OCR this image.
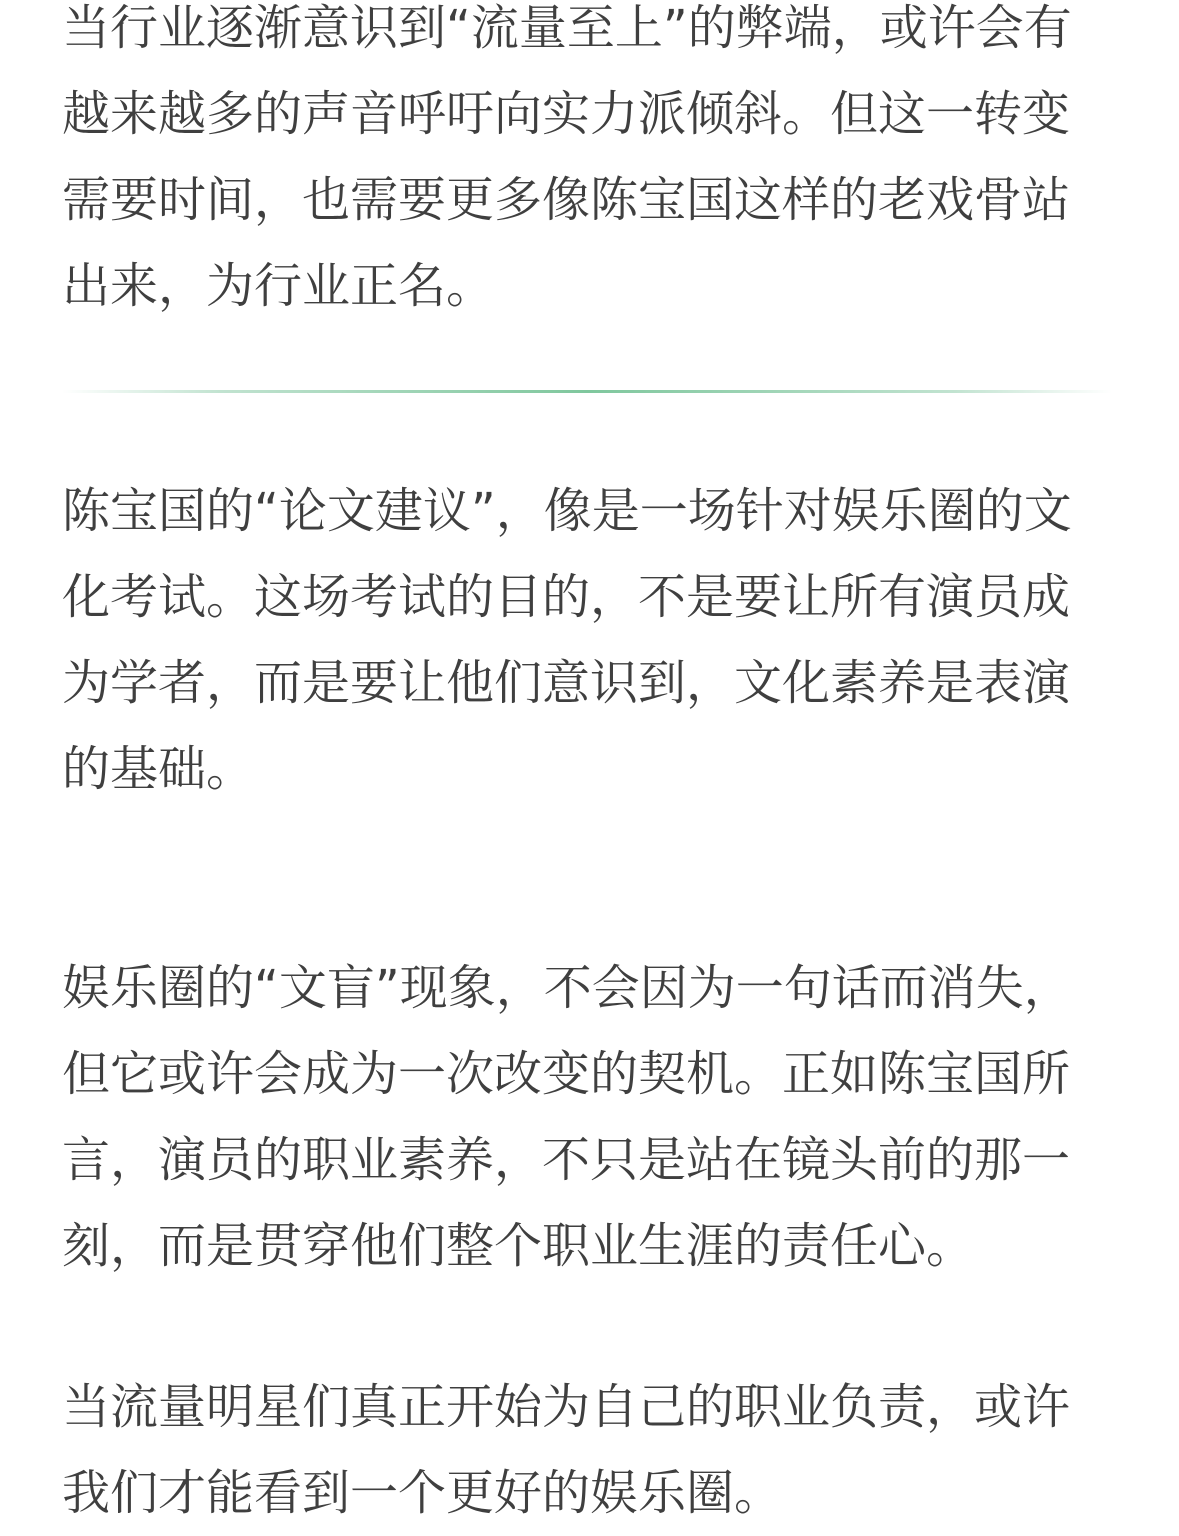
当行业逐渐意识到“流量至上”的弊端，或许会有越来越多的声音呼吁向实力派倾斜。但这一转变需要时间，也需要更多像陈宝国这样的老戏骨站出来，为行业正名。

陈宝国的“论文建议”，像是一场针对娱乐圈的文化考试。这场考试的目的，不是要让所有演员成为学者，而是要让他们意识到，文化素养是表演的基础。

娱乐圈的“文盲”现象，不会因为一句话而消失，但它或许会成为一次改变的契机。正如陈宝国所言，演员的职业素养，不只是站在镜头前的那一刻，而是贯穿他们整个职业生涯的责任心。

当流量明星们真正开始为自己的职业负责，或许我们才能看到一个更好的娱乐圈。
